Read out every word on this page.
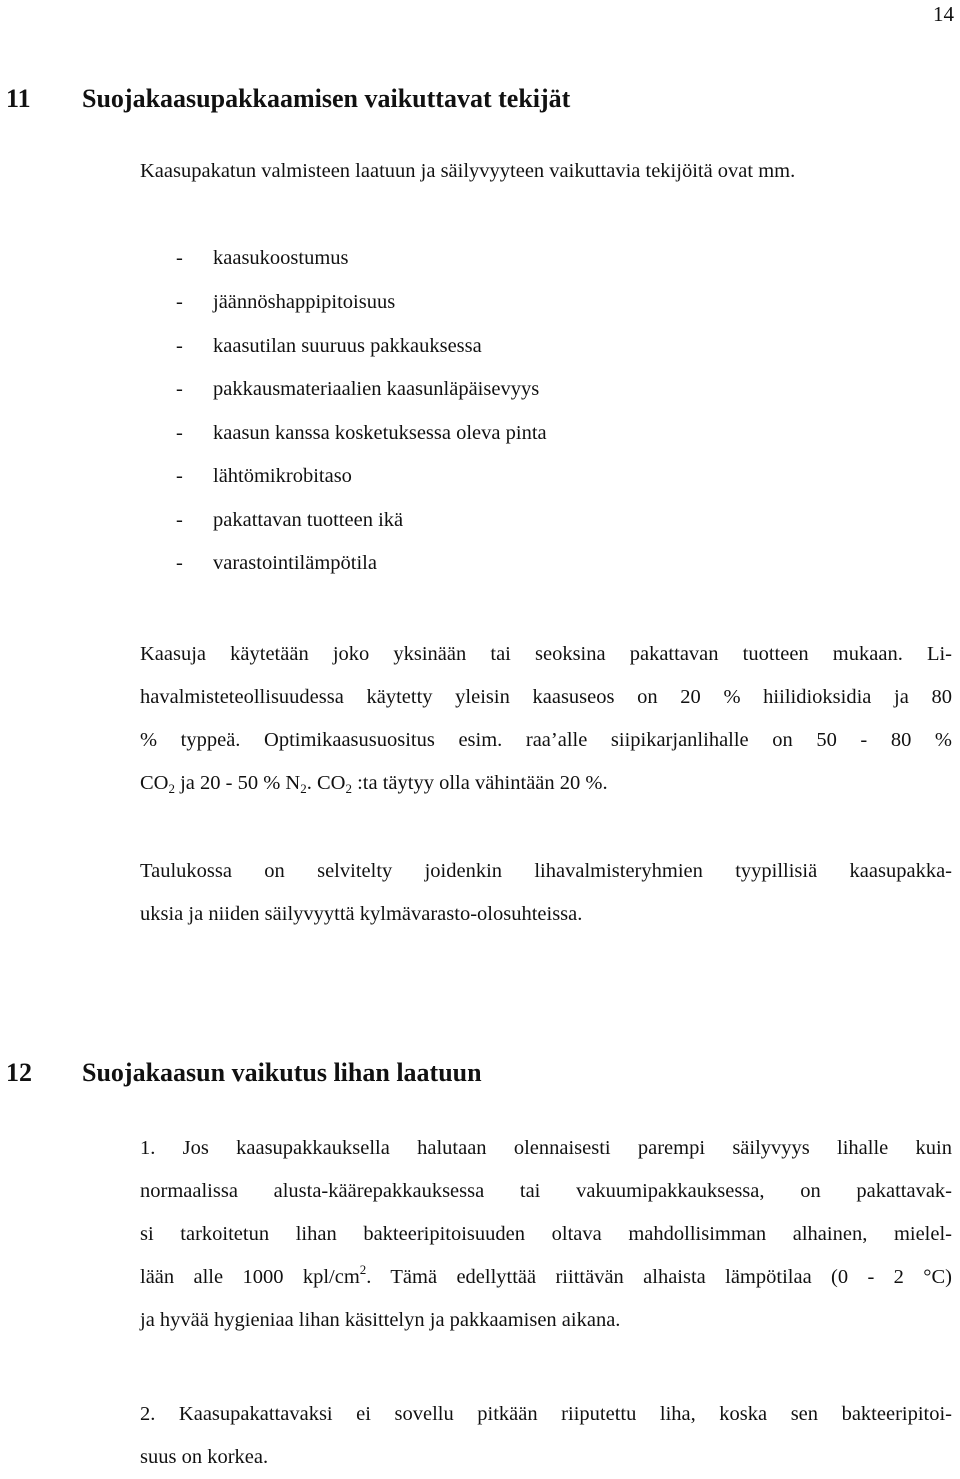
14
11 Suojakaasupakkaamisen vaikuttavat tekijät
Kaasupakatun valmisteen laatuun ja säilyvyyteen vaikuttavia tekijöitä ovat mm.
- kaasukoostumus
- jäännöshappipitoisuus
- kaasutilan suuruus pakkauksessa
- pakkausmateriaalien kaasunläpäisevyys
- kaasun kanssa kosketuksessa oleva pinta
- lähtömikrobitaso
- pakattavan tuotteen ikä
- varastointilämpötila
Kaasuja käytetään joko yksinään tai seoksina pakattavan tuotteen mukaan. Li-
havalmisteteollisuudessa käytetty yleisin kaasuseos on 20 % hiilidioksidia ja 80
% typpeä. Optimikaasusuositus esim. raa’alle siipikarjanlihalle on 50 - 80 %
$CO_2$ ja 20 - 50 % $N_2$. $CO_2$ :ta täytyy olla vähintään 20 %.
Taulukossa on selvitelty joidenkin lihavalmisteryhmien tyypillisiä kaasupakka-
uksia ja niiden säilyvyyttä kylmävarasto-olosuhteissa.
12 Suojakaasun vaikutus lihan laatuun
1. Jos kaasupakkauksella halutaan olennaisesti parempi säilyvyys lihalle kuin
normaalissa alusta-käärepakkauksessa tai vakuumipakkauksessa, on pakattavak-
si tarkoitetun lihan bakteeripitoisuuden oltava mahdollisimman alhainen, mielel-
lään alle 1000 kpl/$cm^2$. Tämä edellyttää riittävän alhaista lämpötilaa (0 - 2 °C)
ja hyvää hygieniaa lihan käsittelyn ja pakkaamisen aikana.
2. Kaasupakattavaksi ei sovellu pitkään riiputettu liha, koska sen bakteeripitoi-
suus on korkea.
